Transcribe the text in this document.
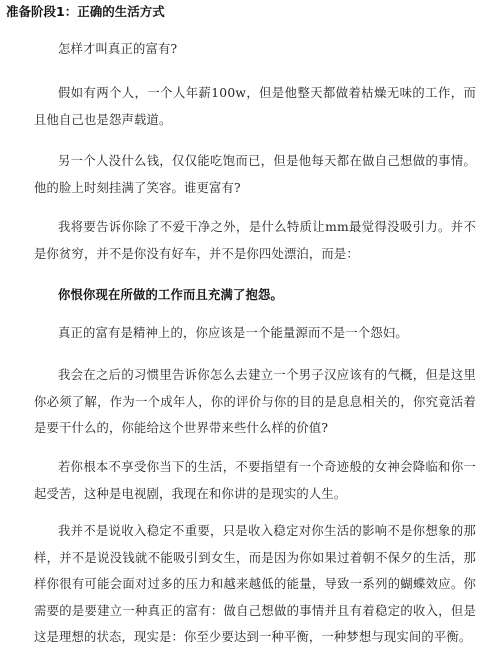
准备阶段1：正确的生活方式

怎样才叫真正的富有?

假如有两个人，一个人年薪100w，但是他整天都做着枯燥无味的工作，而且他自己也是怨声载道。

另一个人没什么钱，仅仅能吃饱而已，但是他每天都在做自己想做的事情。他的脸上时刻挂满了笑容。谁更富有?

我将要告诉你除了不爱干净之外，是什么特质让mm最觉得没吸引力。并不是你贫穷，并不是你没有好车，并不是你四处漂泊，而是：

你恨你现在所做的工作而且充满了抱怨。

真正的富有是精神上的，你应该是一个能量源而不是一个怨妇。

我会在之后的习惯里告诉你怎么去建立一个男子汉应该有的气概，但是这里你必须了解，作为一个成年人，你的评价与你的目的是息息相关的，你究竟活着是要干什么的，你能给这个世界带来些什么样的价值?

若你根本不享受你当下的生活，不要指望有一个奇迹般的女神会降临和你一起受苦，这种是电视剧，我现在和你讲的是现实的人生。

我并不是说收入稳定不重要，只是收入稳定对你生活的影响不是你想象的那样，并不是说没钱就不能吸引到女生，而是因为你如果过着朝不保夕的生活，那样你很有可能会面对过多的压力和越来越低的能量，导致一系列的蝴蝶效应。你需要的是要建立一种真正的富有：做自己想做的事情并且有着稳定的收入，但是这是理想的状态，现实是：你至少要达到一种平衡，一种梦想与现实间的平衡。
